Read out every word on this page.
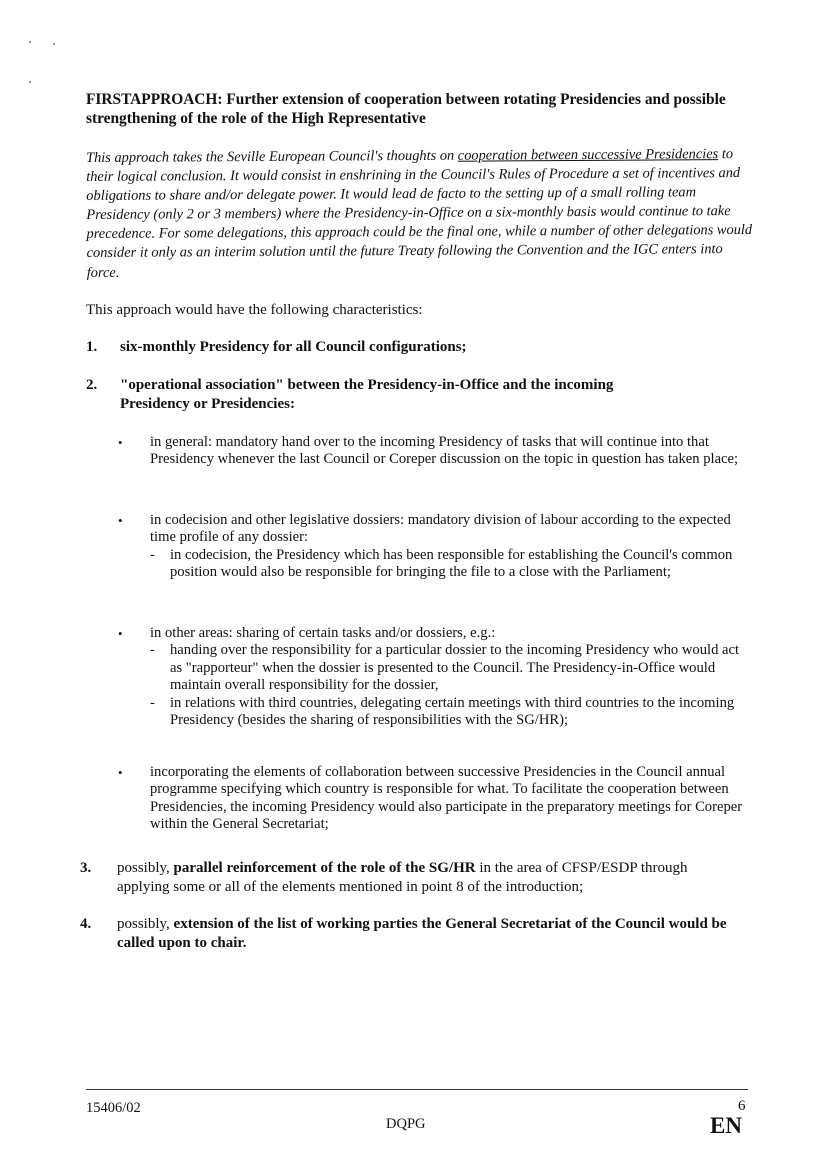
FIRSTAPPROACH: Further extension of cooperation between rotating Presidencies and possible strengthening of the role of the High Representative
This approach takes the Seville European Council's thoughts on cooperation between successive Presidencies to their logical conclusion. It would consist in enshrining in the Council's Rules of Procedure a set of incentives and obligations to share and/or delegate power. It would lead de facto to the setting up of a small rolling team Presidency (only 2 or 3 members) where the Presidency-in-Office on a six-monthly basis would continue to take precedence. For some delegations, this approach could be the final one, while a number of other delegations would consider it only as an interim solution until the future Treaty following the Convention and the IGC enters into force.
This approach would have the following characteristics:
1. six-monthly Presidency for all Council configurations;
2. "operational association" between the Presidency-in-Office and the incoming Presidency or Presidencies:
• in general: mandatory hand over to the incoming Presidency of tasks that will continue into that Presidency whenever the last Council or Coreper discussion on the topic in question has taken place;
• in codecision and other legislative dossiers: mandatory division of labour according to the expected time profile of any dossier:
- in codecision, the Presidency which has been responsible for establishing the Council's common position would also be responsible for bringing the file to a close with the Parliament;
• in other areas: sharing of certain tasks and/or dossiers, e.g.:
- handing over the responsibility for a particular dossier to the incoming Presidency who would act as "rapporteur" when the dossier is presented to the Council. The Presidency-in-Office would maintain overall responsibility for the dossier,
- in relations with third countries, delegating certain meetings with third countries to the incoming Presidency (besides the sharing of responsibilities with the SG/HR);
• incorporating the elements of collaboration between successive Presidencies in the Council annual programme specifying which country is responsible for what. To facilitate the cooperation between Presidencies, the incoming Presidency would also participate in the preparatory meetings for Coreper within the General Secretariat;
3. possibly, parallel reinforcement of the role of the SG/HR in the area of CFSP/ESDP through applying some or all of the elements mentioned in point 8 of the introduction;
4. possibly, extension of the list of working parties the General Secretariat of the Council would be called upon to chair.
15406/02
DQPG
6
EN
